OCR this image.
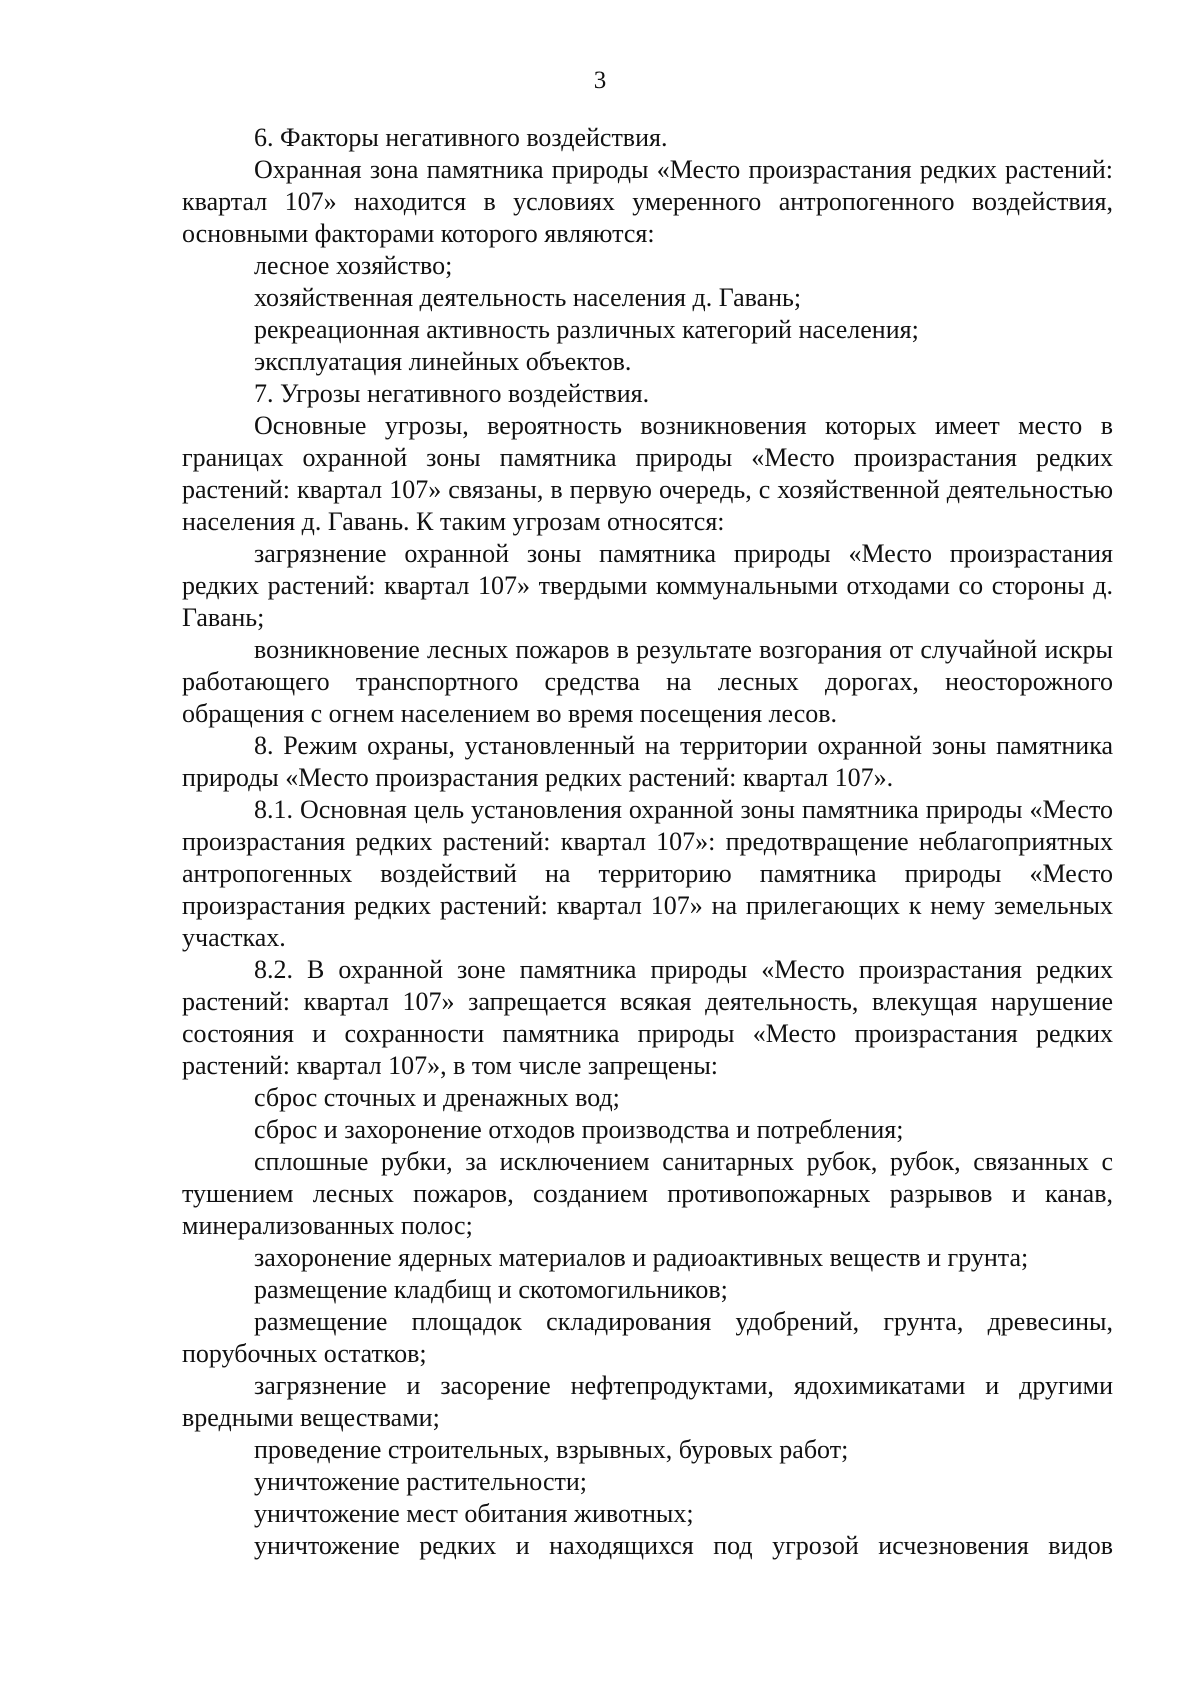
3

6. Факторы негативного воздействия.

Охранная зона памятника природы «Место произрастания редких растений: квартал 107» находится в условиях умеренного антропогенного воздействия, основными факторами которого являются:

лесное хозяйство;

хозяйственная деятельность населения д. Гавань;

рекреационная активность различных категорий населения;

эксплуатация линейных объектов.

7. Угрозы негативного воздействия.

Основные угрозы, вероятность возникновения которых имеет место в границах охранной зоны памятника природы «Место произрастания редких растений: квартал 107» связаны, в первую очередь, с хозяйственной деятельностью населения д. Гавань. К таким угрозам относятся:

загрязнение охранной зоны памятника природы «Место произрастания редких растений: квартал 107» твердыми коммунальными отходами со стороны д. Гавань;

возникновение лесных пожаров в результате возгорания от случайной искры работающего транспортного средства на лесных дорогах, неосторожного обращения с огнем населением во время посещения лесов.

8. Режим охраны, установленный на территории охранной зоны памятника природы «Место произрастания редких растений: квартал 107».

8.1. Основная цель установления охранной зоны памятника природы «Место произрастания редких растений: квартал 107»: предотвращение неблагоприятных антропогенных воздействий на территорию памятника природы «Место произрастания редких растений: квартал 107» на прилегающих к нему земельных участках.

8.2. В охранной зоне памятника природы «Место произрастания редких растений: квартал 107» запрещается всякая деятельность, влекущая нарушение состояния и сохранности памятника природы «Место произрастания редких растений: квартал 107», в том числе запрещены:

сброс сточных и дренажных вод;

сброс и захоронение отходов производства и потребления;

сплошные рубки, за исключением санитарных рубок, рубок, связанных с тушением лесных пожаров, созданием противопожарных разрывов и канав, минерализованных полос;

захоронение ядерных материалов и радиоактивных веществ и грунта;

размещение кладбищ и скотомогильников;

размещение площадок складирования удобрений, грунта, древесины, порубочных остатков;

загрязнение и засорение нефтепродуктами, ядохимикатами и другими вредными веществами;

проведение строительных, взрывных, буровых работ;

уничтожение растительности;

уничтожение мест обитания животных;

уничтожение редких и находящихся под угрозой исчезновения видов
